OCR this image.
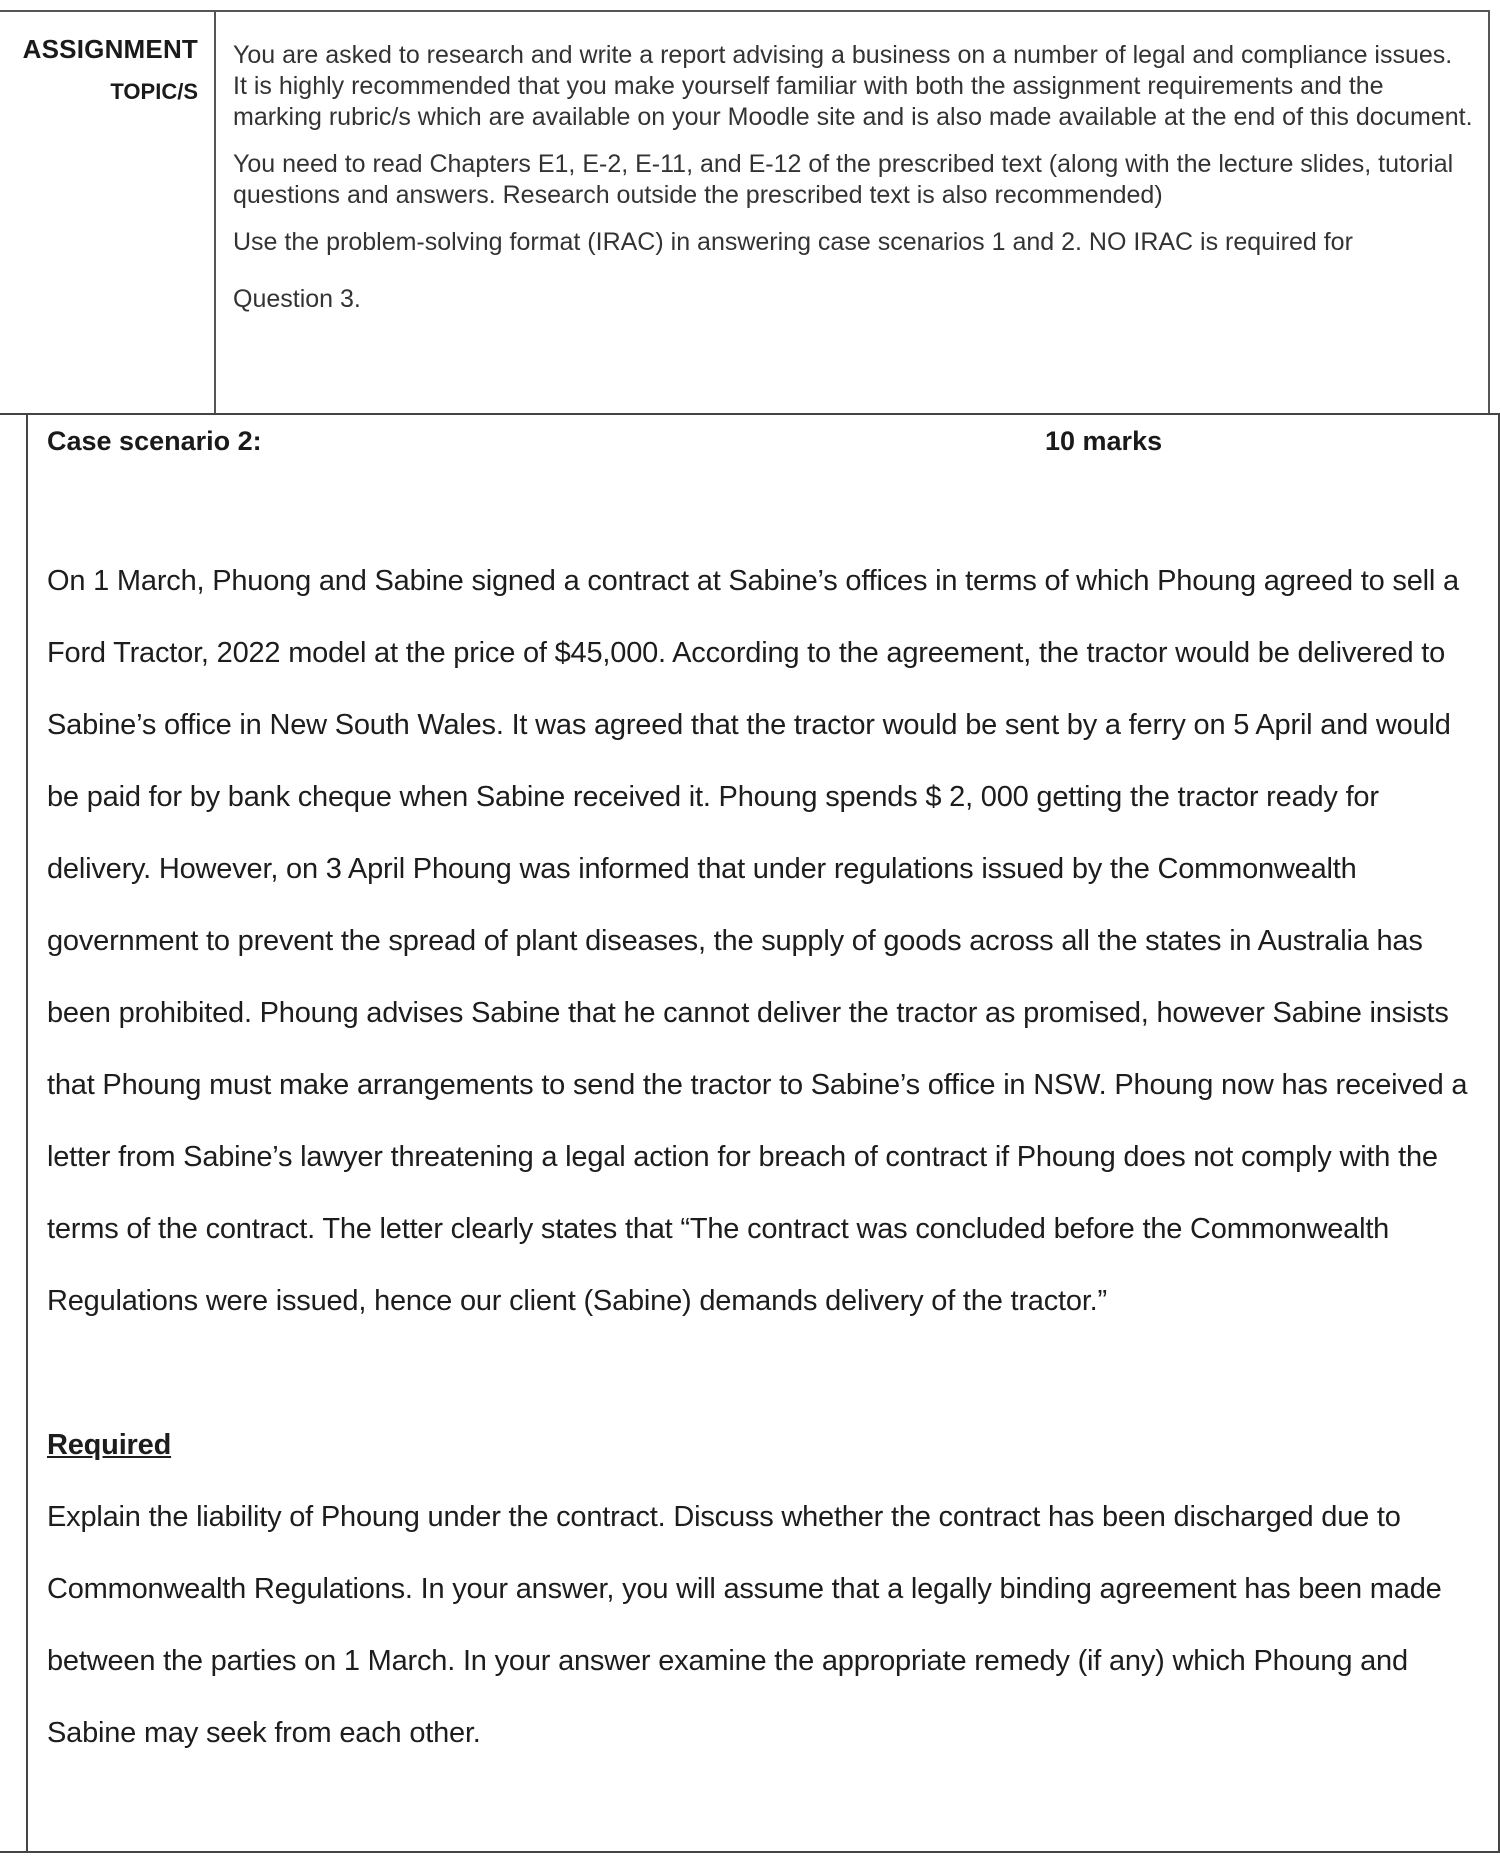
ASSIGNMENT
TOPIC/S

You are asked to research and write a report advising a business on a number of legal and compliance issues. It is highly recommended that you make yourself familiar with both the assignment requirements and the marking rubric/s which are available on your Moodle site and is also made available at the end of this document.

You need to read Chapters E1, E-2, E-11, and E-12 of the prescribed text (along with the lecture slides, tutorial questions and answers. Research outside the prescribed text is also recommended)

Use the problem-solving format (IRAC) in answering case scenarios 1 and 2. NO IRAC is required for

Question 3.

Case scenario 2:	10 marks

On 1 March, Phuong and Sabine signed a contract at Sabine’s offices in terms of which Phoung agreed to sell a Ford Tractor, 2022 model at the price of $45,000. According to the agreement, the tractor would be delivered to Sabine’s office in New South Wales. It was agreed that the tractor would be sent by a ferry on 5 April and would be paid for by bank cheque when Sabine received it. Phoung spends $ 2, 000 getting the tractor ready for delivery. However, on 3 April Phoung was informed that under regulations issued by the Commonwealth government to prevent the spread of plant diseases, the supply of goods across all the states in Australia has been prohibited. Phoung advises Sabine that he cannot deliver the tractor as promised, however Sabine insists that Phoung must make arrangements to send the tractor to Sabine’s office in NSW. Phoung now has received a letter from Sabine’s lawyer threatening a legal action for breach of contract if Phoung does not comply with the terms of the contract. The letter clearly states that “The contract was concluded before the Commonwealth Regulations were issued, hence our client (Sabine) demands delivery of the tractor.”

Required

Explain the liability of Phoung under the contract. Discuss whether the contract has been discharged due to Commonwealth Regulations. In your answer, you will assume that a legally binding agreement has been made between the parties on 1 March. In your answer examine the appropriate remedy (if any) which Phoung and Sabine may seek from each other.
